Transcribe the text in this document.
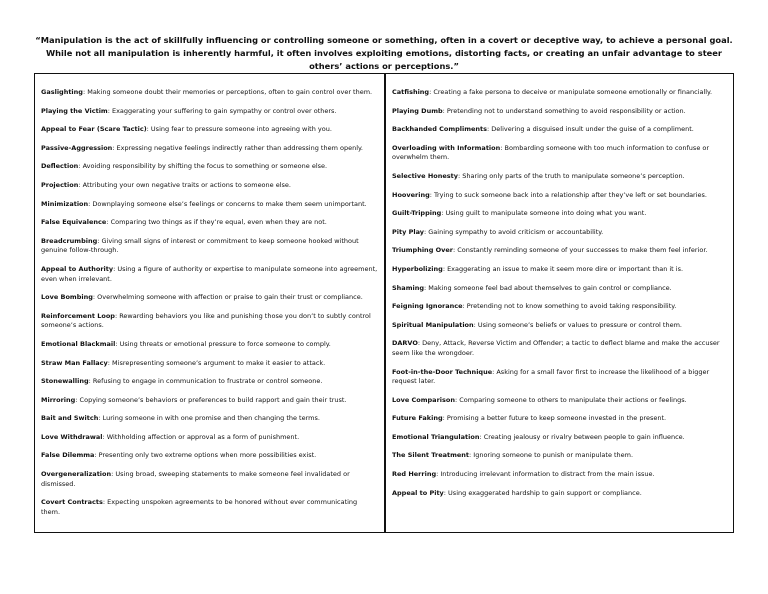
“Manipulation is the act of skillfully influencing or controlling someone or something, often in a covert or deceptive way, to achieve a personal goal. While not all manipulation is inherently harmful, it often involves exploiting emotions, distorting facts, or creating an unfair advantage to steer others’ actions or perceptions.”
Gaslighting: Making someone doubt their memories or perceptions, often to gain control over them.
Playing the Victim: Exaggerating your suffering to gain sympathy or control over others.
Appeal to Fear (Scare Tactic): Using fear to pressure someone into agreeing with you.
Passive-Aggression: Expressing negative feelings indirectly rather than addressing them openly.
Deflection: Avoiding responsibility by shifting the focus to something or someone else.
Projection: Attributing your own negative traits or actions to someone else.
Minimization: Downplaying someone else’s feelings or concerns to make them seem unimportant.
False Equivalence: Comparing two things as if they’re equal, even when they are not.
Breadcrumbing: Giving small signs of interest or commitment to keep someone hooked without genuine follow-through.
Appeal to Authority: Using a figure of authority or expertise to manipulate someone into agreement, even when irrelevant.
Love Bombing: Overwhelming someone with affection or praise to gain their trust or compliance.
Reinforcement Loop: Rewarding behaviors you like and punishing those you don’t to subtly control someone’s actions.
Emotional Blackmail: Using threats or emotional pressure to force someone to comply.
Straw Man Fallacy: Misrepresenting someone’s argument to make it easier to attack.
Stonewalling: Refusing to engage in communication to frustrate or control someone.
Mirroring: Copying someone’s behaviors or preferences to build rapport and gain their trust.
Bait and Switch: Luring someone in with one promise and then changing the terms.
Love Withdrawal: Withholding affection or approval as a form of punishment.
False Dilemma: Presenting only two extreme options when more possibilities exist.
Overgeneralization: Using broad, sweeping statements to make someone feel invalidated or dismissed.
Covert Contracts: Expecting unspoken agreements to be honored without ever communicating them.
Catfishing: Creating a fake persona to deceive or manipulate someone emotionally or financially.
Playing Dumb: Pretending not to understand something to avoid responsibility or action.
Backhanded Compliments: Delivering a disguised insult under the guise of a compliment.
Overloading with Information: Bombarding someone with too much information to confuse or overwhelm them.
Selective Honesty: Sharing only parts of the truth to manipulate someone’s perception.
Hoovering: Trying to suck someone back into a relationship after they’ve left or set boundaries.
Guilt-Tripping: Using guilt to manipulate someone into doing what you want.
Pity Play: Gaining sympathy to avoid criticism or accountability.
Triumphing Over: Constantly reminding someone of your successes to make them feel inferior.
Hyperbolizing: Exaggerating an issue to make it seem more dire or important than it is.
Shaming: Making someone feel bad about themselves to gain control or compliance.
Feigning Ignorance: Pretending not to know something to avoid taking responsibility.
Spiritual Manipulation: Using someone’s beliefs or values to pressure or control them.
DARVO: Deny, Attack, Reverse Victim and Offender; a tactic to deflect blame and make the accuser seem like the wrongdoer.
Foot-in-the-Door Technique: Asking for a small favor first to increase the likelihood of a bigger request later.
Love Comparison: Comparing someone to others to manipulate their actions or feelings.
Future Faking: Promising a better future to keep someone invested in the present.
Emotional Triangulation: Creating jealousy or rivalry between people to gain influence.
The Silent Treatment: Ignoring someone to punish or manipulate them.
Red Herring: Introducing irrelevant information to distract from the main issue.
Appeal to Pity: Using exaggerated hardship to gain support or compliance.
